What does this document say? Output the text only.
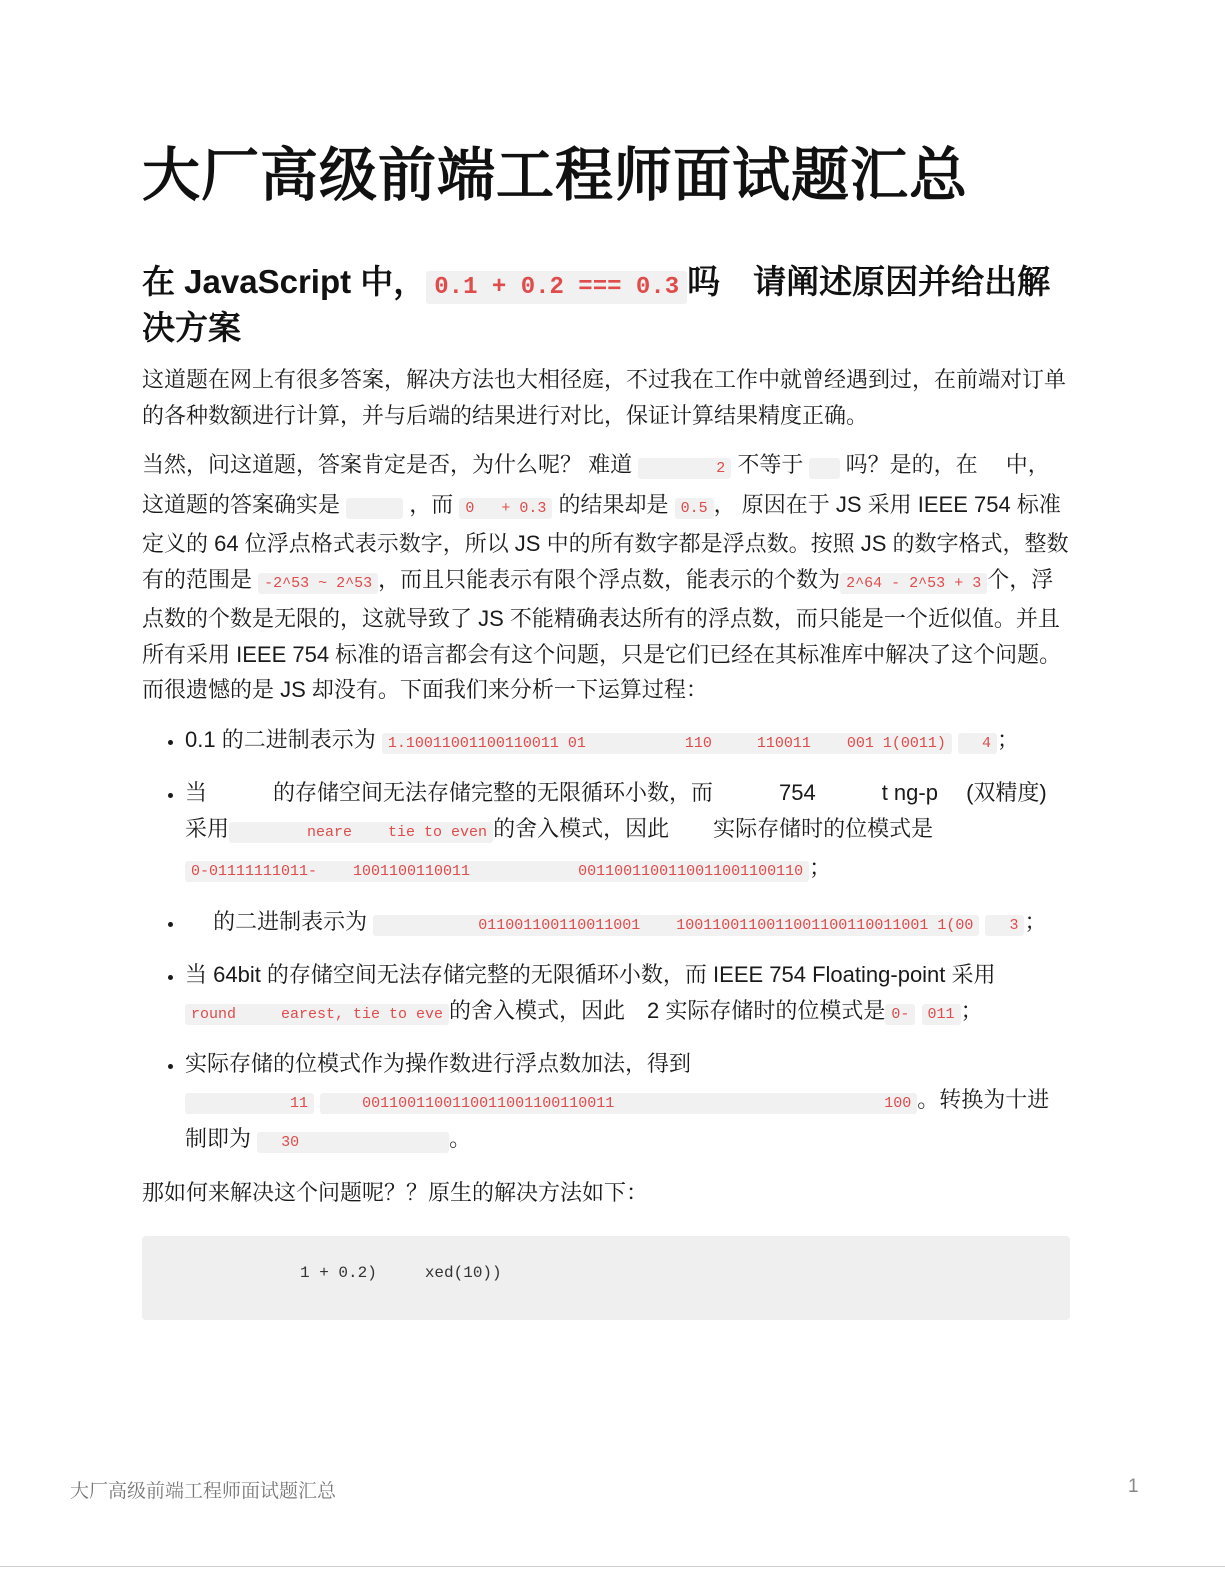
大厂高级前端工程师面试题汇总
在 JavaScript 中， 0.1 + 0.2 === 0.3 吗　请阐述原因并给出解决方案

这道题在网上有很多答案，解决方法也大相径庭，不过我在工作中就曾经遇到过，在前端对订单的各种数额进行计算，并与后端的结果进行对比，保证计算结果精度正确。

当然，问这道题，答案肯定是否，为什么呢？ 难道         2 不等于    吗？是的，在　 中，这道题的答案确实是	，而 0   + 0.3 的结果却是 0.5 ， 原因在于 JS 采用 IEEE 754 标准定义的 64 位浮点格式表示数字，所以 JS 中的所有数字都是浮点数。按照 JS 的数字格式，整数有的范围是 -2^53 ~ 2^53 ，而且只能表示有限个浮点数，能表示的个数为 2^64 - 2^53 + 3 个，浮点数的个数是无限的，这就导致了 JS 不能精确表达所有的浮点数，而只能是一个近似值。并且所有采用 IEEE 754 标准的语言都会有这个问题，只是它们已经在其标准库中解决了这个问题。而很遗憾的是 JS 却没有。下面我们来分析一下运算过程：

• 0.1 的二进制表示为 1.10011001100110011 01           110     110011    001 1(0011)   4 ；
• 当　　　的存储空间无法存储完整的无限循环小数，而　　　754　　　t ng-p　 (双精度) 采用        neare    tie to even 的舍入模式，因此　　实际存储时的位模式是 0-01111111011-    1001100110011            0011001100110011001100110 ；
• 　 的二进制表示为            011001100110011001    1001100110011001100110011001 1(00   3 ；
• 当 64bit 的存储空间无法存储完整的无限循环小数，而 IEEE 754 Floating-point 采用round     earest, tie to eve 的舍入模式，因此　2 实际存储时的位模式是 0- 011 ；
• 实际存储的位模式作为操作数进行浮点数加法，得到            11     0011001100110011001100110011                              100 。转换为十进制即为   30                。

那如何来解决这个问题呢？？原生的解决方法如下：

1 + 0.2)     xed(10))
大厂高级前端工程师面试题汇总	1
